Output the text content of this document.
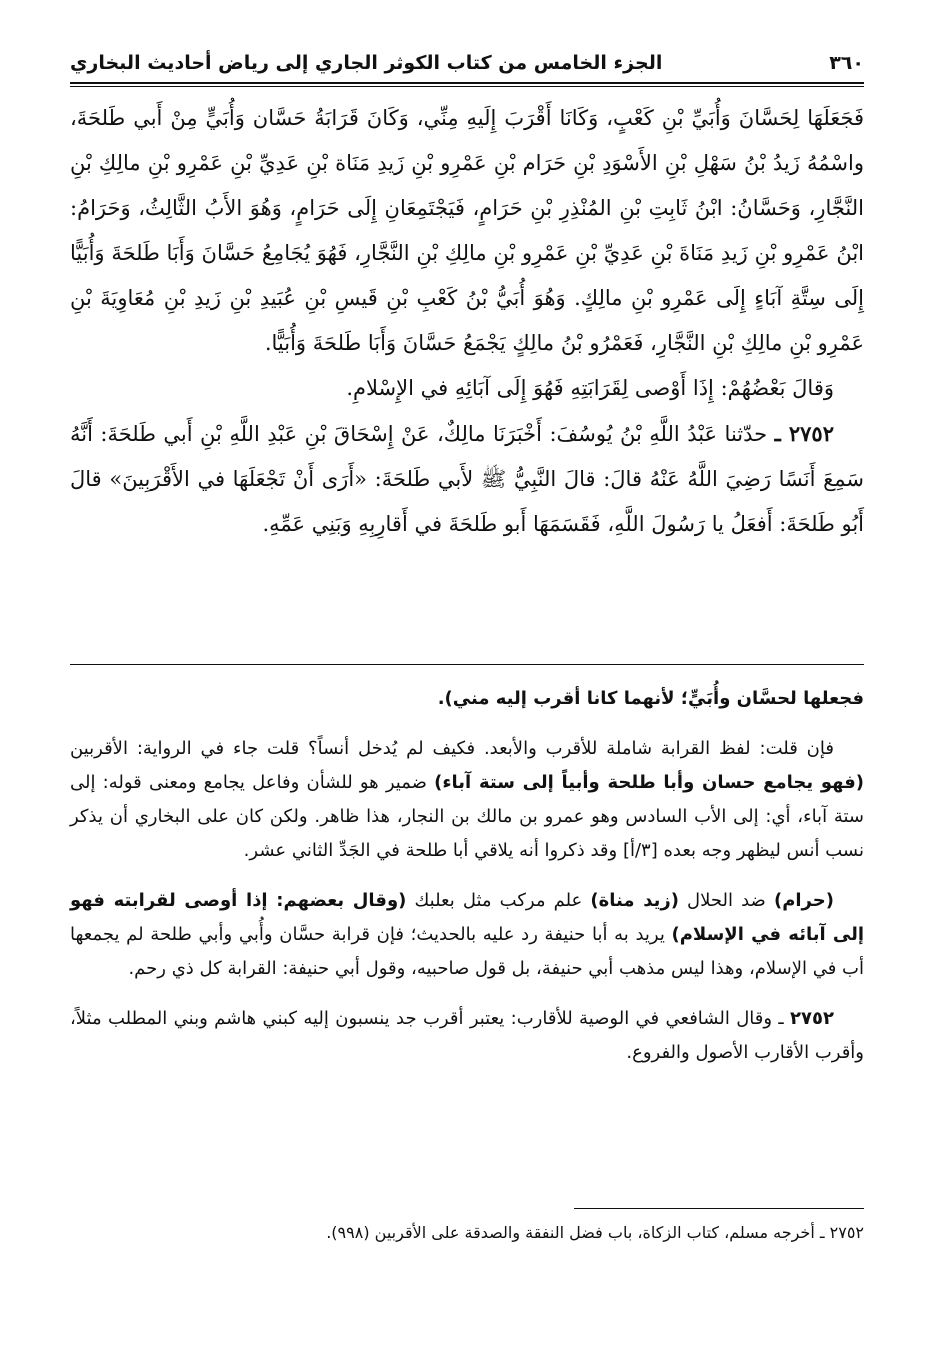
٣٦٠
الجزء الخامس من كتاب الكوثر الجاري إلى رياض أحاديث البخاري

فَجَعَلَهَا لِحَسَّانَ وَأُبَيِّ بْنِ كَعْبٍ، وَكَانَا أَقْرَبَ إِلَيهِ مِنِّي، وَكَانَ قَرَابَةُ حَسَّان وَأُبَيٍّ مِنْ أَبي طَلحَةَ، واسْمُهُ زَيدُ بْنُ سَهْلِ بْنِ الأَسْوَدِ بْنِ حَرَام بْنِ عَمْرِو بْنِ زَيدِ مَنَاة بْنِ عَدِيِّ بْنِ عَمْرِو بْنِ مالِكِ بْنِ النَّجَّارِ، وَحَسَّانُ: ابْنُ ثَابِتِ بْنِ المُنْذِرِ بْنِ حَرَامٍ، فَيَجْتَمِعَانِ إِلَى حَرَامٍ، وَهُوَ الأَبُ الثَّالِثُ، وَحَرَامُ: ابْنُ عَمْرِو بْنِ زَيدِ مَنَاةَ بْنِ عَدِيِّ بْنِ عَمْرِو بْنِ مالِكِ بْنِ النَّجَّارِ، فَهُوَ يُجَامِعُ حَسَّانَ وَأَبَا طَلحَةَ وَأُبَيًّا إِلَى سِتَّةِ آبَاءٍ إِلَى عَمْرِو بْنِ مالِكٍ. وَهُوَ أُبَيُّ بْنُ كَعْبِ بْنِ قَيسِ بْنِ عُبَيدِ بْنِ زَيدِ بْنِ مُعَاوِيَةَ بْنِ عَمْرِو بْنِ مالِكِ بْنِ النَّجَّارِ، فَعَمْرُو بْنُ مالِكٍ يَجْمَعُ حَسَّانَ وَأَبَا طَلحَةَ وَأُبَيًّا.

وَقالَ بَعْضُهُمْ: إِذَا أَوْصى لِقَرَابَتِهِ فَهُوَ إِلَى آبَائِهِ في الإِسْلامِ.

٢٧٥٢ ـ حدّثنا عَبْدُ اللَّهِ بْنُ يُوسُفَ: أَخْبَرَنَا مالِكٌ، عَنْ إِسْحَاقَ بْنِ عَبْدِ اللَّهِ بْنِ أَبي طَلحَةَ: أَنَّهُ سَمِعَ أَنَسًا رَضِيَ اللَّهُ عَنْهُ قالَ: قالَ النَّبِيُّ ﷺ لأَبي طَلحَةَ: «أَرَى أَنْ تَجْعَلَهَا في الأَقْرَبِينَ» قالَ أَبُو طَلحَةَ: أَفعَلُ يا رَسُولَ اللَّهِ، فَقَسَمَهَا أَبو طَلحَةَ في أَقارِبِهِ وَبَنِي عَمِّهِ.

فجعلها لحسَّان وأُبَيٍّ؛ لأنهما كانا أقرب إليه مني).

فإن قلت: لفظ القرابة شاملة للأقرب والأبعد. فكيف لم يُدخل أنساً؟ قلت جاء في الرواية: الأقربين (فهو يجامع حسان وأبا طلحة وأبياً إلى ستة آباء) ضمير هو للشأن وفاعل يجامع ومعنى قوله: إلى ستة آباء، أي: إلى الأب السادس وهو عمرو بن مالك بن النجار، هذا ظاهر. ولكن كان على البخاري أن يذكر نسب أنس ليظهر وجه بعده [٣/أ] وقد ذكروا أنه يلاقي أبا طلحة في الجَدِّ الثاني عشر.

(حرام) ضد الحلال (زيد مناة) علم مركب مثل بعلبك (وقال بعضهم: إذا أوصى لقرابته فهو إلى آبائه في الإسلام) يريد به أبا حنيفة رد عليه بالحديث؛ فإن قرابة حسَّان وأُبي وأبي طلحة لم يجمعها أب في الإسلام، وهذا ليس مذهب أبي حنيفة، بل قول صاحبيه، وقول أبي حنيفة: القرابة كل ذي رحم.

٢٧٥٢ ـ وقال الشافعي في الوصية للأقارب: يعتبر أقرب جد ينسبون إليه كبني هاشم وبني المطلب مثلاً، وأقرب الأقارب الأصول والفروع.

٢٧٥٢ ـ أخرجه مسلم، كتاب الزكاة، باب فضل النفقة والصدقة على الأقربين (٩٩٨).
